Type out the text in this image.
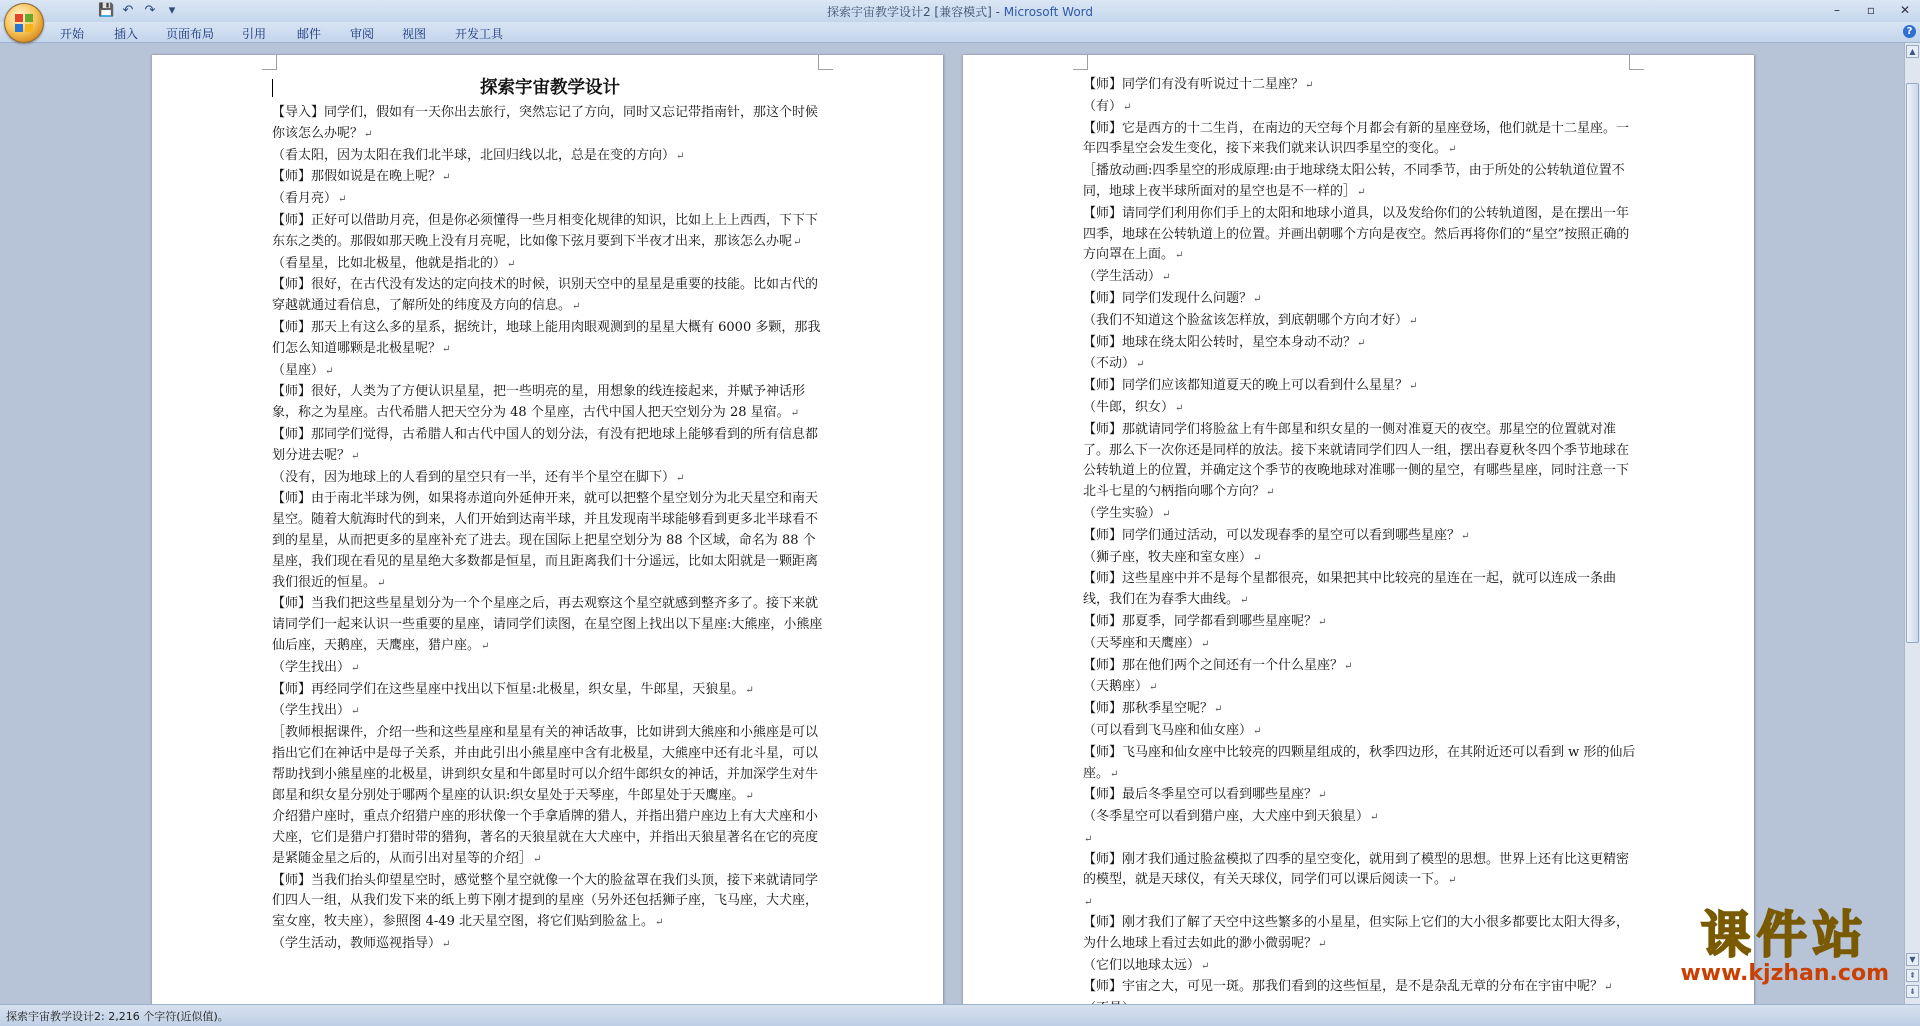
💾 ↶ ↷	▾	探索宇宙教学设计2 [兼容模式] - Microsoft Word	–	▫	✕
开始 插入 页面布局 引用	邮件 审阅 视图 开发工具	?
探索宇宙教学设计

【导入】同学们，假如有一天你出去旅行，突然忘记了方向，同时又忘记带指南针，那这个时候你该怎么办呢？ ↵

（看太阳，因为太阳在我们北半球，北回归线以北，总是在变的方向） ↵

【师】那假如说是在晚上呢？ ↵

（看月亮） ↵

【师】正好可以借助月亮，但是你必须懂得一些月相变化规律的知识，比如上上上西西，下下下东东之类的。那假如那天晚上没有月亮呢，比如像下弦月要到下半夜才出来，那该怎么办呢 ↵

（看星星，比如北极星，他就是指北的） ↵

【师】很好，在古代没有发达的定向技术的时候，识别天空中的星星是重要的技能。比如古代的穿越就通过看信息，了解所处的纬度及方向的信息。 ↵

【师】那天上有这么多的星系，据统计，地球上能用肉眼观测到的星星大概有 6000 多颗，那我们怎么知道哪颗是北极星呢？ ↵

（星座） ↵

【师】很好，人类为了方便认识星星，把一些明亮的星，用想象的线连接起来，并赋予神话形象，称之为星座。古代希腊人把天空分为 48 个星座，古代中国人把天空划分为 28 星宿。 ↵

【师】那同学们觉得，古希腊人和古代中国人的划分法，有没有把地球上能够看到的所有信息都划分进去呢？ ↵

（没有，因为地球上的人看到的星空只有一半，还有半个星空在脚下） ↵

【师】由于南北半球为例，如果将赤道向外延伸开来，就可以把整个星空划分为北天星空和南天星空。随着大航海时代的到来，人们开始到达南半球，并且发现南半球能够看到更多北半球看不到的星星，从而把更多的星座补充了进去。现在国际上把星空划分为 88 个区域，命名为 88 个星座，我们现在看见的星星绝大多数都是恒星，而且距离我们十分遥远，比如太阳就是一颗距离我们很近的恒星。 ↵

【师】当我们把这些星星划分为一个个星座之后，再去观察这个星空就感到整齐多了。接下来就请同学们一起来认识一些重要的星座，请同学们读图，在星空图上找出以下星座:大熊座，小熊座仙后座，天鹅座，天鹰座，猎户座。 ↵

（学生找出） ↵

【师】再经同学们在这些星座中找出以下恒星:北极星，织女星，牛郎星，天狼星。 ↵

（学生找出） ↵

［教师根据课件，介绍一些和这些星座和星星有关的神话故事，比如讲到大熊座和小熊座是可以指出它们在神话中是母子关系，并由此引出小熊星座中含有北极星，大熊座中还有北斗星，可以帮助找到小熊星座的北极星，讲到织女星和牛郎星时可以介绍牛郎织女的神话，并加深学生对牛郎星和织女星分别处于哪两个星座的认识:织女星处于天琴座，牛郎星处于天鹰座。 ↵

介绍猎户座时，重点介绍猎户座的形状像一个手拿盾牌的猎人，并指出猎户座边上有大犬座和小犬座，它们是猎户打猎时带的猎狗，著名的天狼星就在大犬座中，并指出天狼星著名在它的亮度是紧随金星之后的，从而引出对星等的介绍］ ↵

【师】当我们抬头仰望星空时，感觉整个星空就像一个大的脸盆罩在我们头顶，接下来就请同学们四人一组，从我们发下来的纸上剪下刚才提到的星座（另外还包括狮子座，飞马座，大犬座，室女座，牧夫座），参照图 4-49 北天星空图，将它们贴到脸盆上。 ↵

（学生活动，教师巡视指导） ↵

【师】同学们有没有听说过十二星座？ ↵

（有） ↵

【师】它是西方的十二生肖，在南边的天空每个月都会有新的星座登场，他们就是十二星座。一年四季星空会发生变化，接下来我们就来认识四季星空的变化。 ↵

［播放动画:四季星空的形成原理:由于地球绕太阳公转，不同季节，由于所处的公转轨道位置不同，地球上夜半球所面对的星空也是不一样的］ ↵

【师】请同学们利用你们手上的太阳和地球小道具，以及发给你们的公转轨道图，是在摆出一年四季，地球在公转轨道上的位置。并画出朝哪个方向是夜空。然后再将你们的“星空”按照正确的方向罩在上面。 ↵

（学生活动） ↵

【师】同学们发现什么问题？ ↵

（我们不知道这个脸盆该怎样放，到底朝哪个方向才好） ↵

【师】地球在绕太阳公转时，星空本身动不动？ ↵

（不动） ↵

【师】同学们应该都知道夏天的晚上可以看到什么星星？ ↵

（牛郎，织女） ↵

【师】那就请同学们将脸盆上有牛郎星和织女星的一侧对准夏天的夜空。那星空的位置就对准了。那么下一次你还是同样的放法。接下来就请同学们四人一组，摆出春夏秋冬四个季节地球在公转轨道上的位置，并确定这个季节的夜晚地球对准哪一侧的星空，有哪些星座，同时注意一下北斗七星的勺柄指向哪个方向？ ↵

（学生实验） ↵

【师】同学们通过活动，可以发现春季的星空可以看到哪些星座？ ↵

（狮子座，牧夫座和室女座） ↵

【师】这些星座中并不是每个星都很亮，如果把其中比较亮的星连在一起，就可以连成一条曲线，我们在为春季大曲线。 ↵

【师】那夏季，同学都看到哪些星座呢？ ↵

（天琴座和天鹰座） ↵

【师】那在他们两个之间还有一个什么星座？ ↵

（天鹅座） ↵

【师】那秋季星空呢？ ↵

（可以看到飞马座和仙女座） ↵

【师】飞马座和仙女座中比较亮的四颗星组成的，秋季四边形，在其附近还可以看到 w 形的仙后座。 ↵

【师】最后冬季星空可以看到哪些星座？ ↵

（冬季星空可以看到猎户座，大犬座中到天狼星） ↵

↵

【师】刚才我们通过脸盆模拟了四季的星空变化，就用到了模型的思想。世界上还有比这更精密的模型，就是天球仪，有关天球仪，同学们可以课后阅读一下。 ↵

↵

【师】刚才我们了解了天空中这些繁多的小星星，但实际上它们的大小很多都要比太阳大得多，为什么地球上看过去如此的渺小微弱呢？ ↵

（它们以地球太远） ↵

【师】宇宙之大，可见一斑。那我们看到的这些恒星，是不是杂乱无章的分布在宇宙中呢？ ↵

↵

课件站
www.kjzhan.com
▲
▼
⇞
⇟
探索宇宙教学设计2: 2,216 个字符(近似值)。
